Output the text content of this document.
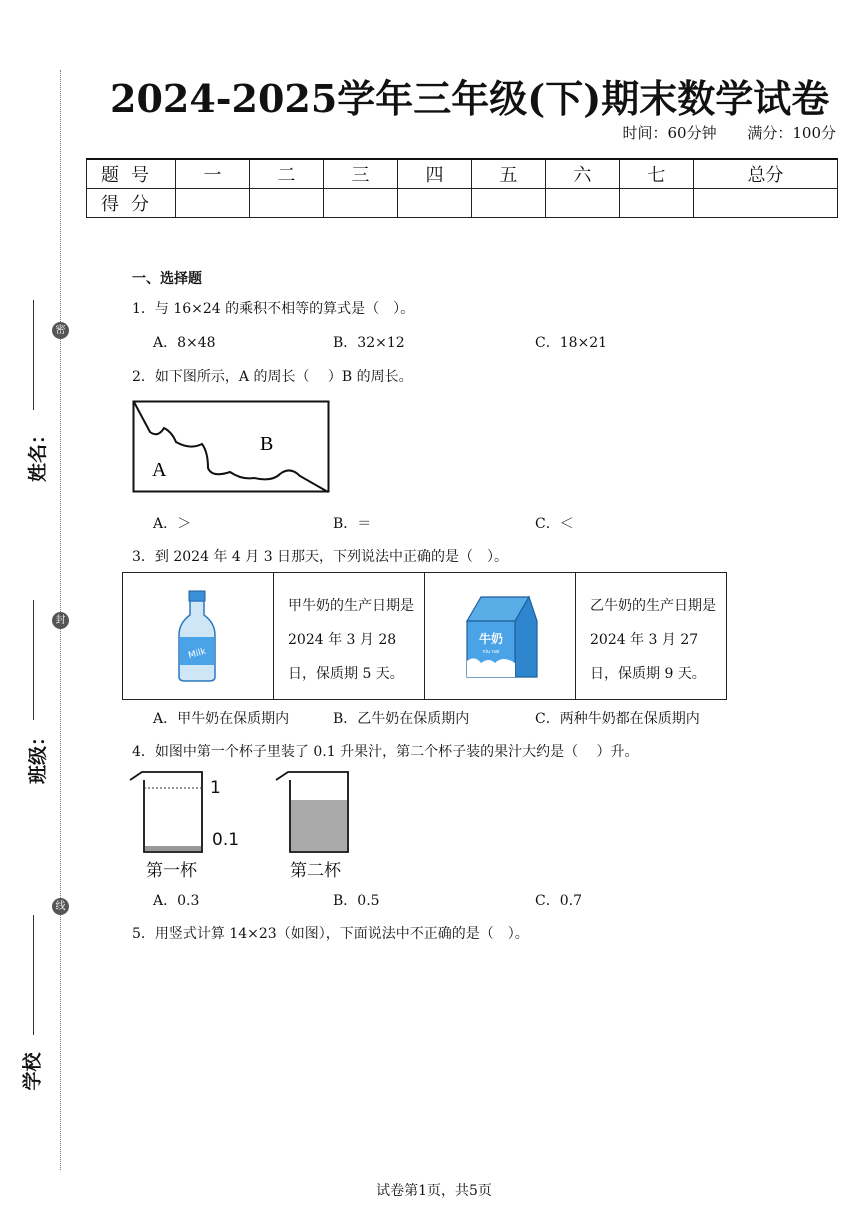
密
封
线
姓名：
班级：
学校
2024-2025学年三年级(下)期末数学试卷
时间：60分钟 满分：100分
题号	一	二	三	四	五	六	七	总分
得分								
一、选择题
1．与 16×24 的乘积不相等的算式是（　）。
A．8×48	B．32×12	C．18×21
2．如下图所示，A 的周长（　 ）B 的周长。
A
B
A．＞	B．＝	C．＜
3．到 2024 年 4 月 3 日那天，下列说法中正确的是（　）。
Milk
甲牛奶的生产日期是 2024 年 3 月 28 日，保质期 5 天。
牛奶
niu nai
乙牛奶的生产日期是 2024 年 3 月 27 日，保质期 9 天。
A．甲牛奶在保质期内	B．乙牛奶在保质期内	C．两种牛奶都在保质期内
4．如图中第一个杯子里装了 0.1 升果汁，第二个杯子装的果汁大约是（　 ）升。
1
0.1
第一杯	第二杯
A．0.3	B．0.5	C．0.7
5．用竖式计算 14×23（如图），下面说法中不正确的是（　）。
试卷第1页，共5页
